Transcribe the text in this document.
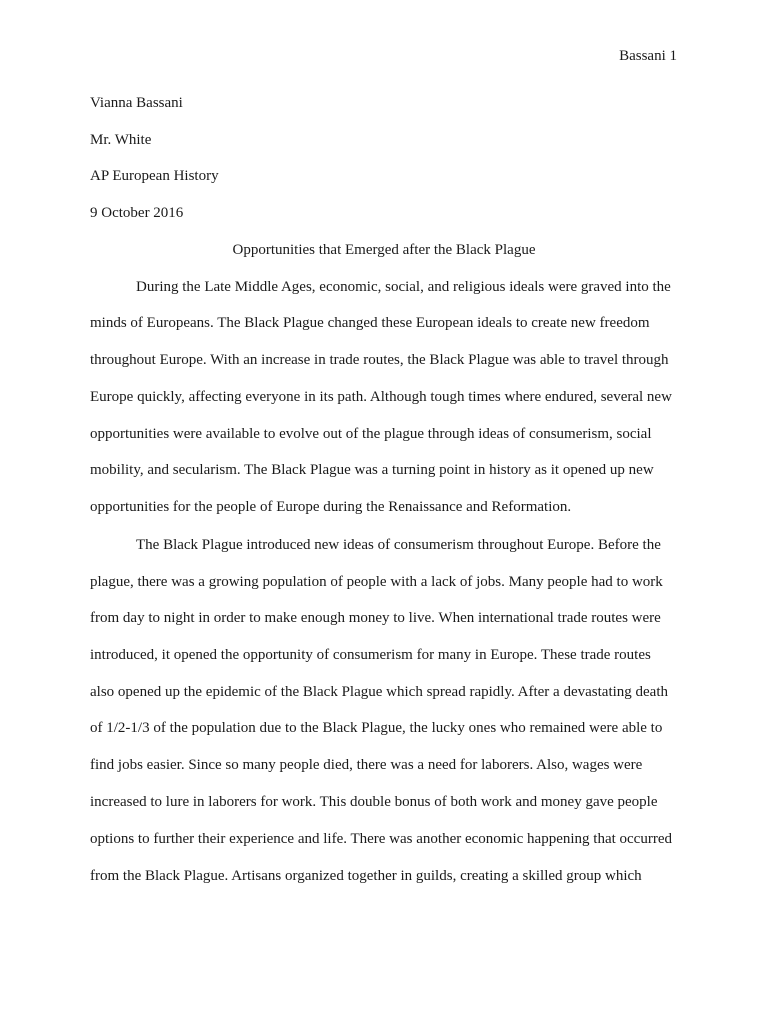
Bassani 1
Vianna Bassani
Mr. White
AP European History
9 October 2016
Opportunities that Emerged after the Black Plague
During the Late Middle Ages, economic, social, and religious ideals were graved into the
minds of Europeans. The Black Plague changed these European ideals to create new freedom
throughout Europe. With an increase in trade routes, the Black Plague was able to travel through
Europe quickly, affecting everyone in its path. Although tough times where endured, several new
opportunities were available to evolve out of the plague through ideas of consumerism, social
mobility, and secularism. The Black Plague was a turning point in history as it opened up new
opportunities for the people of Europe during the Renaissance and Reformation.
The Black Plague introduced new ideas of consumerism throughout Europe. Before the
plague, there was a growing population of people with a lack of jobs. Many people had to work
from day to night in order to make enough money to live. When international trade routes were
introduced, it opened the opportunity of consumerism for many in Europe. These trade routes
also opened up the epidemic of the Black Plague which spread rapidly. After a devastating death
of 1/2-1/3 of the population due to the Black Plague, the lucky ones who remained were able to
find jobs easier. Since so many people died, there was a need for laborers. Also, wages were
increased to lure in laborers for work. This double bonus of both work and money gave people
options to further their experience and life. There was another economic happening that occurred
from the Black Plague. Artisans organized together in guilds, creating a skilled group which
